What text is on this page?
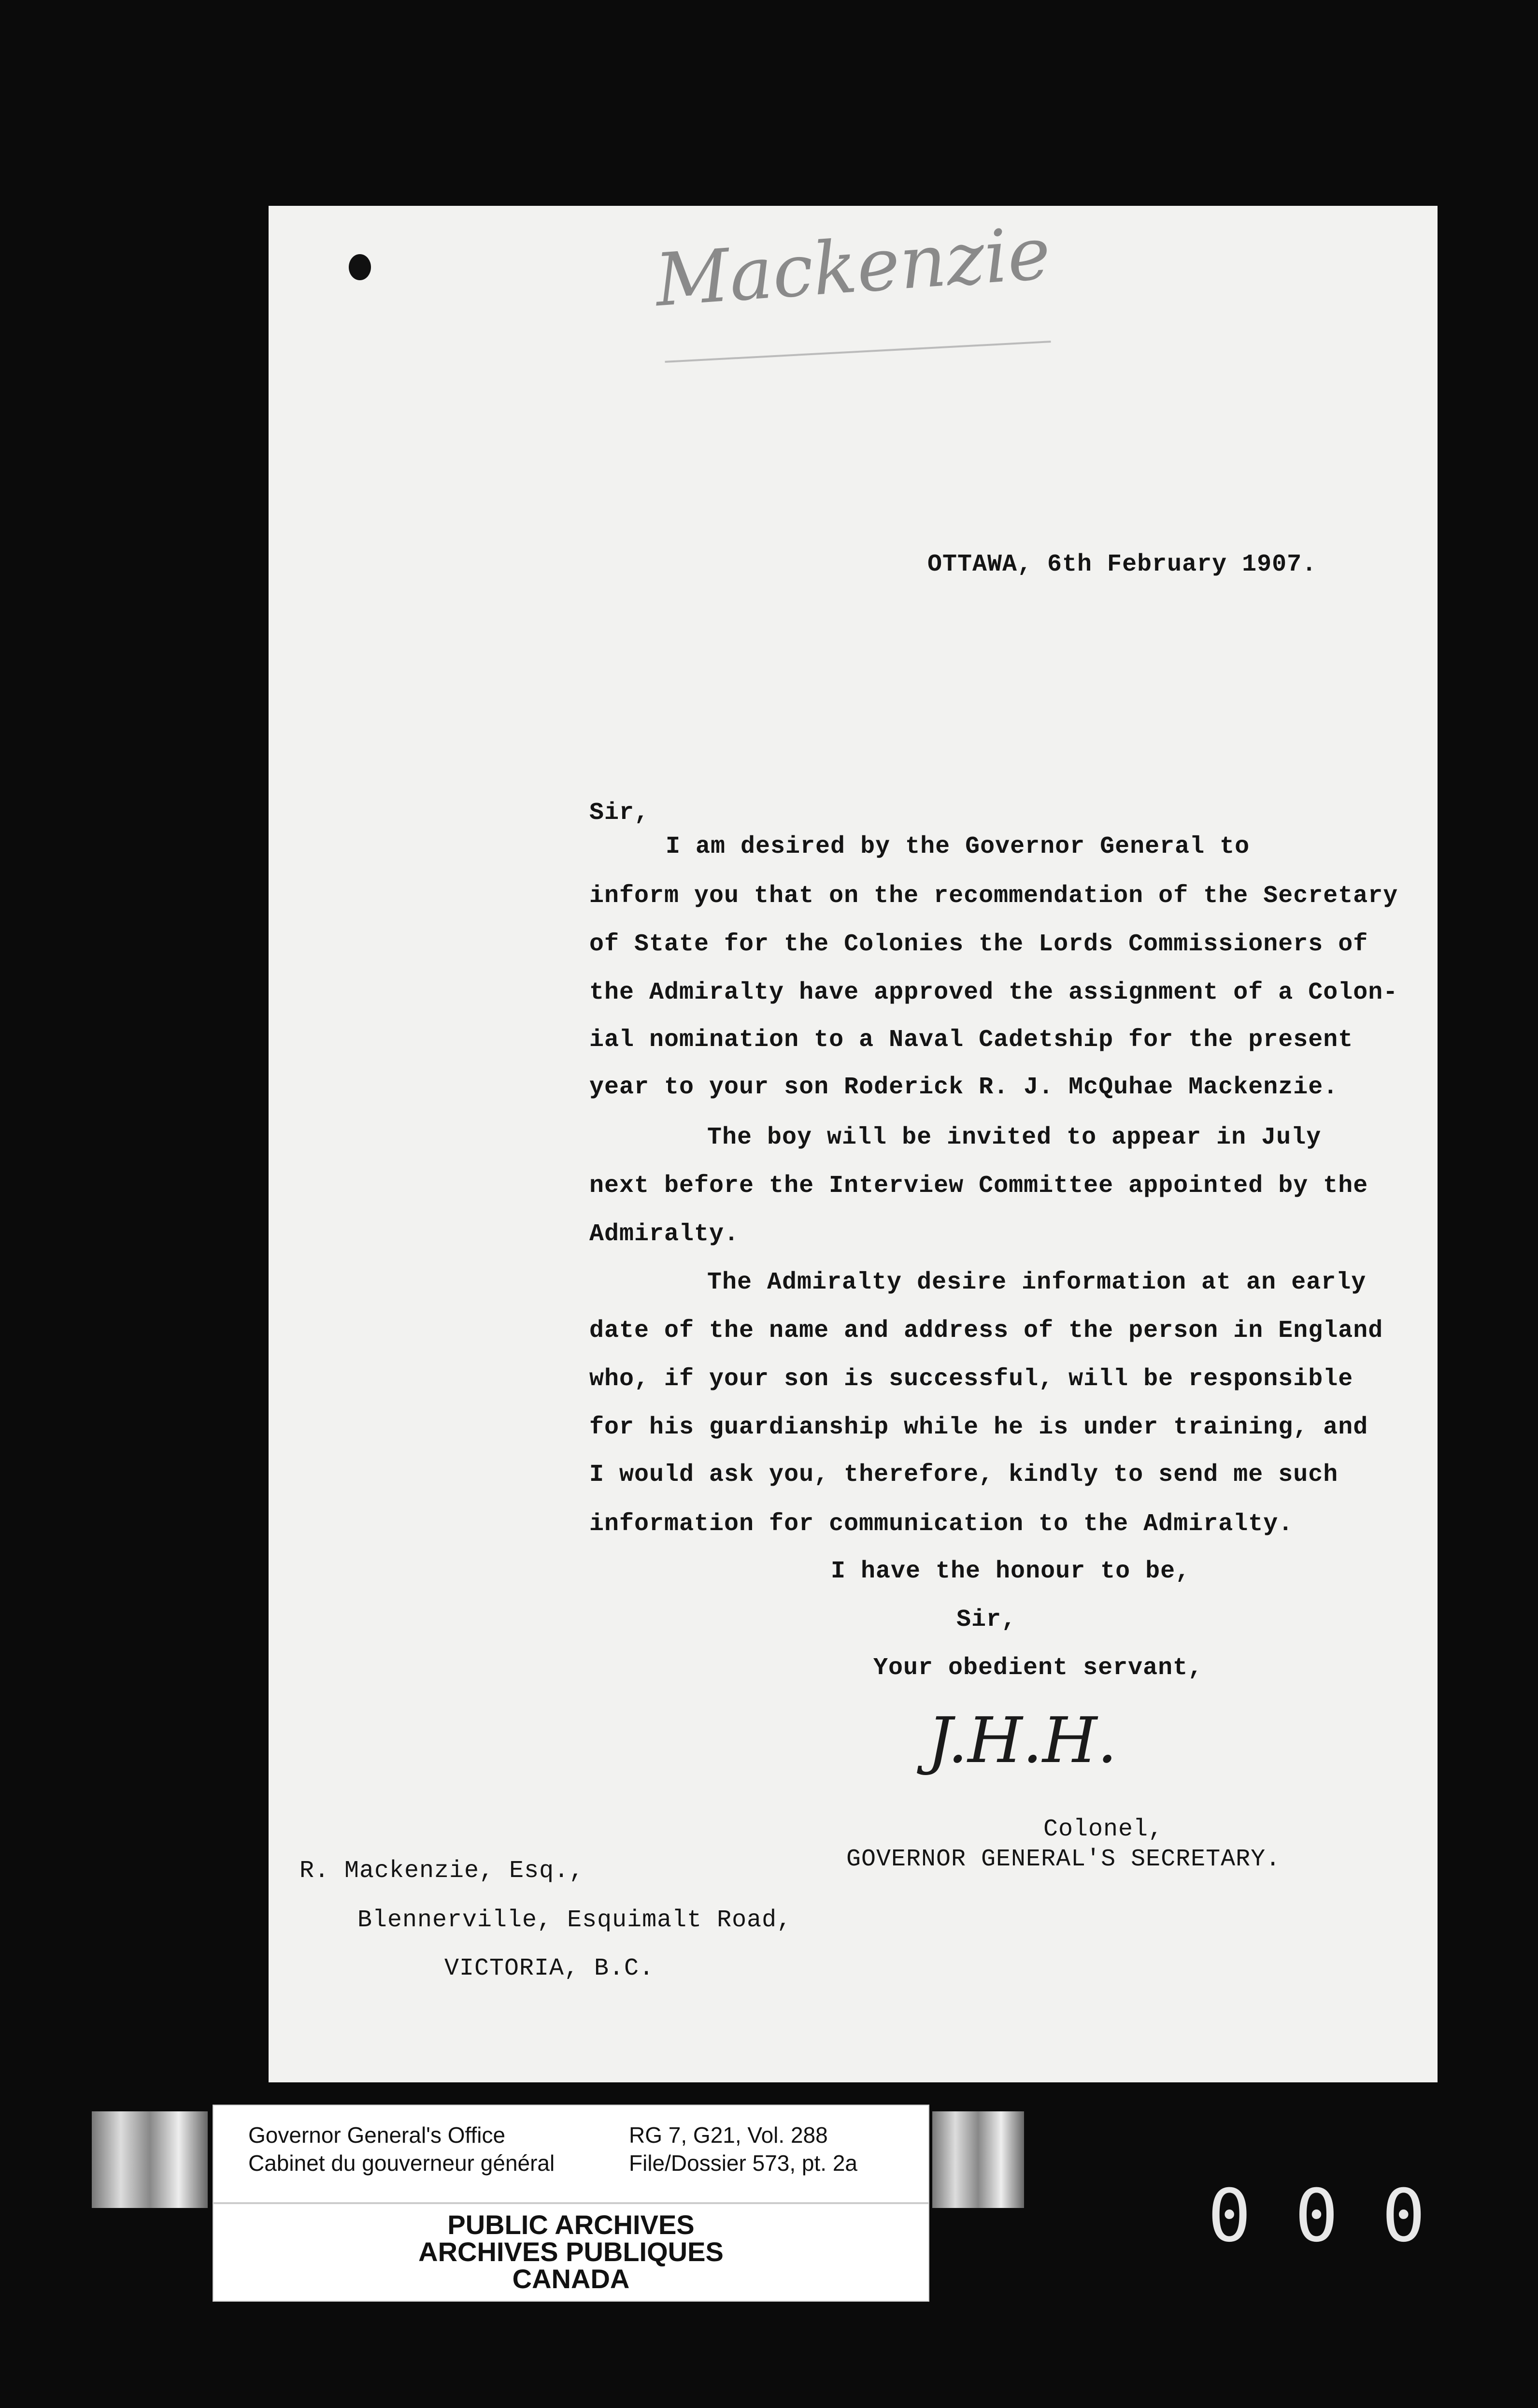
Mackenzie
OTTAWA, 6th February 1907.
Sir,
I am desired by the Governor General to
inform you that on the recommendation of the Secretary
of State for the Colonies the Lords Commissioners of
the Admiralty have approved the assignment of a Colon-
ial nomination to a Naval Cadetship for the present
year to your son Roderick R. J. McQuhae Mackenzie.
The boy will be invited to appear in July
next before the Interview Committee appointed by the
Admiralty.
The Admiralty desire information at an early
date of the name and address of the person in England
who, if your son is successful, will be responsible
for his guardianship while he is under training, and
I would ask you, therefore, kindly to send me such
information for communication to the Admiralty.
I have the honour to be,
Sir,
Your obedient servant,
J.H.H.
Colonel,
GOVERNOR GENERAL'S SECRETARY.
R. Mackenzie, Esq.,
Blennerville, Esquimalt Road,
VICTORIA, B.C.
Governor General's Office
Cabinet du gouverneur général
RG 7, G21, Vol. 288
File/Dossier 573, pt. 2a
PUBLIC ARCHIVES
ARCHIVES PUBLIQUES
CANADA
000
